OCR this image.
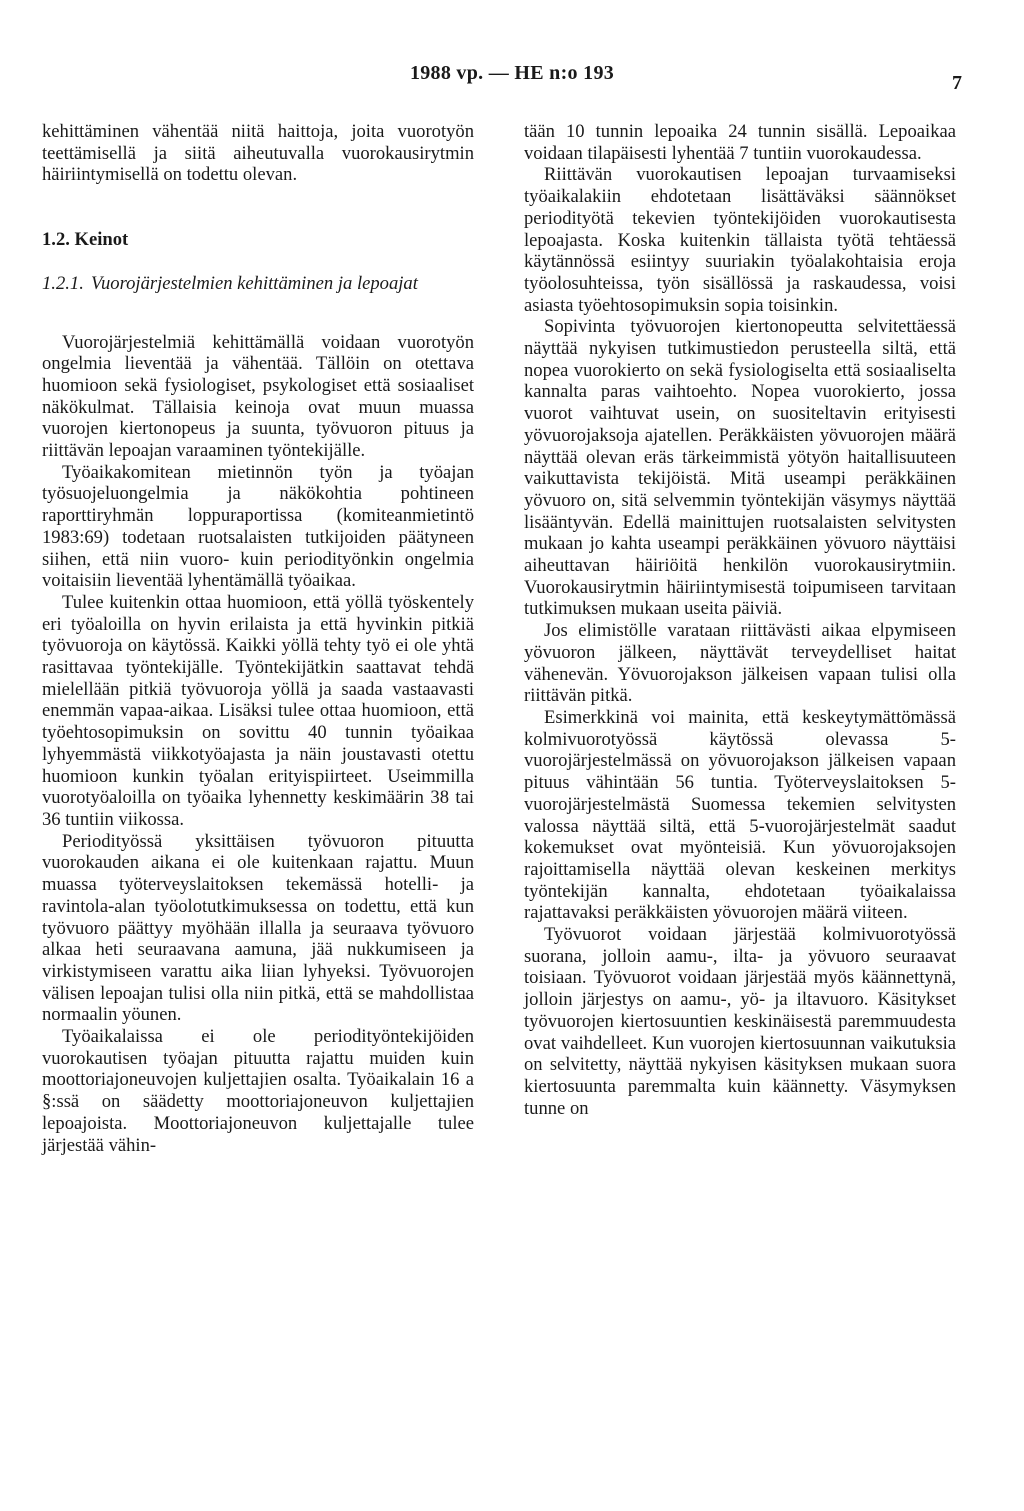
1988 vp. — HE n:o 193	7

kehittäminen vähentää niitä haittoja, joita vuorotyön teettämisellä ja siitä aiheutuvalla vuorokausirytmin häiriintymisellä on todettu olevan.

1.2. Keinot
1.2.1. Vuorojärjestelmien kehittäminen ja lepoajat

Vuorojärjestelmiä kehittämällä voidaan vuorotyön ongelmia lieventää ja vähentää. Tällöin on otettava huomioon sekä fysiologiset, psykologiset että sosiaaliset näkökulmat. Tällaisia keinoja ovat muun muassa vuorojen kiertonopeus ja suunta, työvuoron pituus ja riittävän lepoajan varaaminen työntekijälle.

Työaikakomitean mietinnön työn ja työajan työsuojeluongelmia ja näkökohtia pohtineen raporttiryhmän loppuraportissa (komiteanmietintö 1983:69) todetaan ruotsalaisten tutkijoiden päätyneen siihen, että niin vuoro- kuin periodityönkin ongelmia voitaisiin lieventää lyhentämällä työaikaa.

Tulee kuitenkin ottaa huomioon, että yöllä työskentely eri työaloilla on hyvin erilaista ja että hyvinkin pitkiä työvuoroja on käytössä. Kaikki yöllä tehty työ ei ole yhtä rasittavaa työntekijälle. Työntekijätkin saattavat tehdä mielellään pitkiä työvuoroja yöllä ja saada vastaavasti enemmän vapaa-aikaa. Lisäksi tulee ottaa huomioon, että työehtosopimuksin on sovittu 40 tunnin työaikaa lyhyemmästä viikkotyöajasta ja näin joustavasti otettu huomioon kunkin työalan erityispiirteet. Useimmilla vuorotyöaloilla on työaika lyhennetty keskimäärin 38 tai 36 tuntiin viikossa.

Periodityössä yksittäisen työvuoron pituutta vuorokauden aikana ei ole kuitenkaan rajattu. Muun muassa työterveyslaitoksen tekemässä hotelli- ja ravintola-alan työolotutkimuksessa on todettu, että kun työvuoro päättyy myöhään illalla ja seuraava työvuoro alkaa heti seuraavana aamuna, jää nukkumiseen ja virkistymiseen varattu aika liian lyhyeksi. Työvuorojen välisen lepoajan tulisi olla niin pitkä, että se mahdollistaa normaalin yöunen.

Työaikalaissa ei ole periodityöntekijöiden vuorokautisen työajan pituutta rajattu muiden kuin moottoriajoneuvojen kuljettajien osalta. Työaikalain 16 a §:ssä on säädetty moottoriajoneuvon kuljettajien lepoajoista. Moottoriajoneuvon kuljettajalle tulee järjestää vähin-

tään 10 tunnin lepoaika 24 tunnin sisällä. Lepoaikaa voidaan tilapäisesti lyhentää 7 tuntiin vuorokaudessa.

Riittävän vuorokautisen lepoajan turvaamiseksi työaikalakiin ehdotetaan lisättäväksi säännökset periodityötä tekevien työntekijöiden vuorokautisesta lepoajasta. Koska kuitenkin tällaista työtä tehtäessä käytännössä esiintyy suuriakin työalakohtaisia eroja työolosuhteissa, työn sisällössä ja raskaudessa, voisi asiasta työehtosopimuksin sopia toisinkin.

Sopivinta työvuorojen kiertonopeutta selvitettäessä näyttää nykyisen tutkimustiedon perusteella siltä, että nopea vuorokierto on sekä fysiologiselta että sosiaaliselta kannalta paras vaihtoehto. Nopea vuorokierto, jossa vuorot vaihtuvat usein, on suositeltavin erityisesti yövuorojaksoja ajatellen. Peräkkäisten yövuorojen määrä näyttää olevan eräs tärkeimmistä yötyön haitallisuuteen vaikuttavista tekijöistä. Mitä useampi peräkkäinen yövuoro on, sitä selvemmin työntekijän väsymys näyttää lisääntyvän. Edellä mainittujen ruotsalaisten selvitysten mukaan jo kahta useampi peräkkäinen yövuoro näyttäisi aiheuttavan häiriöitä henkilön vuorokausirytmiin. Vuorokausirytmin häiriintymisestä toipumiseen tarvitaan tutkimuksen mukaan useita päiviä.

Jos elimistölle varataan riittävästi aikaa elpymiseen yövuoron jälkeen, näyttävät terveydelliset haitat vähenevän. Yövuorojakson jälkeisen vapaan tulisi olla riittävän pitkä.

Esimerkkinä voi mainita, että keskeytymättömässä kolmivuorotyössä käytössä olevassa 5-vuorojärjestelmässä on yövuorojakson jälkeisen vapaan pituus vähintään 56 tuntia. Työterveyslaitoksen 5-vuorojärjestelmästä Suomessa tekemien selvitysten valossa näyttää siltä, että 5-vuorojärjestelmät saadut kokemukset ovat myönteisiä. Kun yövuorojaksojen rajoittamisella näyttää olevan keskeinen merkitys työntekijän kannalta, ehdotetaan työaikalaissa rajattavaksi peräkkäisten yövuorojen määrä viiteen.

Työvuorot voidaan järjestää kolmivuorotyössä suorana, jolloin aamu-, ilta- ja yövuoro seuraavat toisiaan. Työvuorot voidaan järjestää myös käännettynä, jolloin järjestys on aamu-, yö- ja iltavuoro. Käsitykset työvuorojen kiertosuuntien keskinäisestä paremmuudesta ovat vaihdelleet. Kun vuorojen kiertosuunnan vaikutuksia on selvitetty, näyttää nykyisen käsityksen mukaan suora kiertosuunta paremmalta kuin käännetty. Väsymyksen tunne on
